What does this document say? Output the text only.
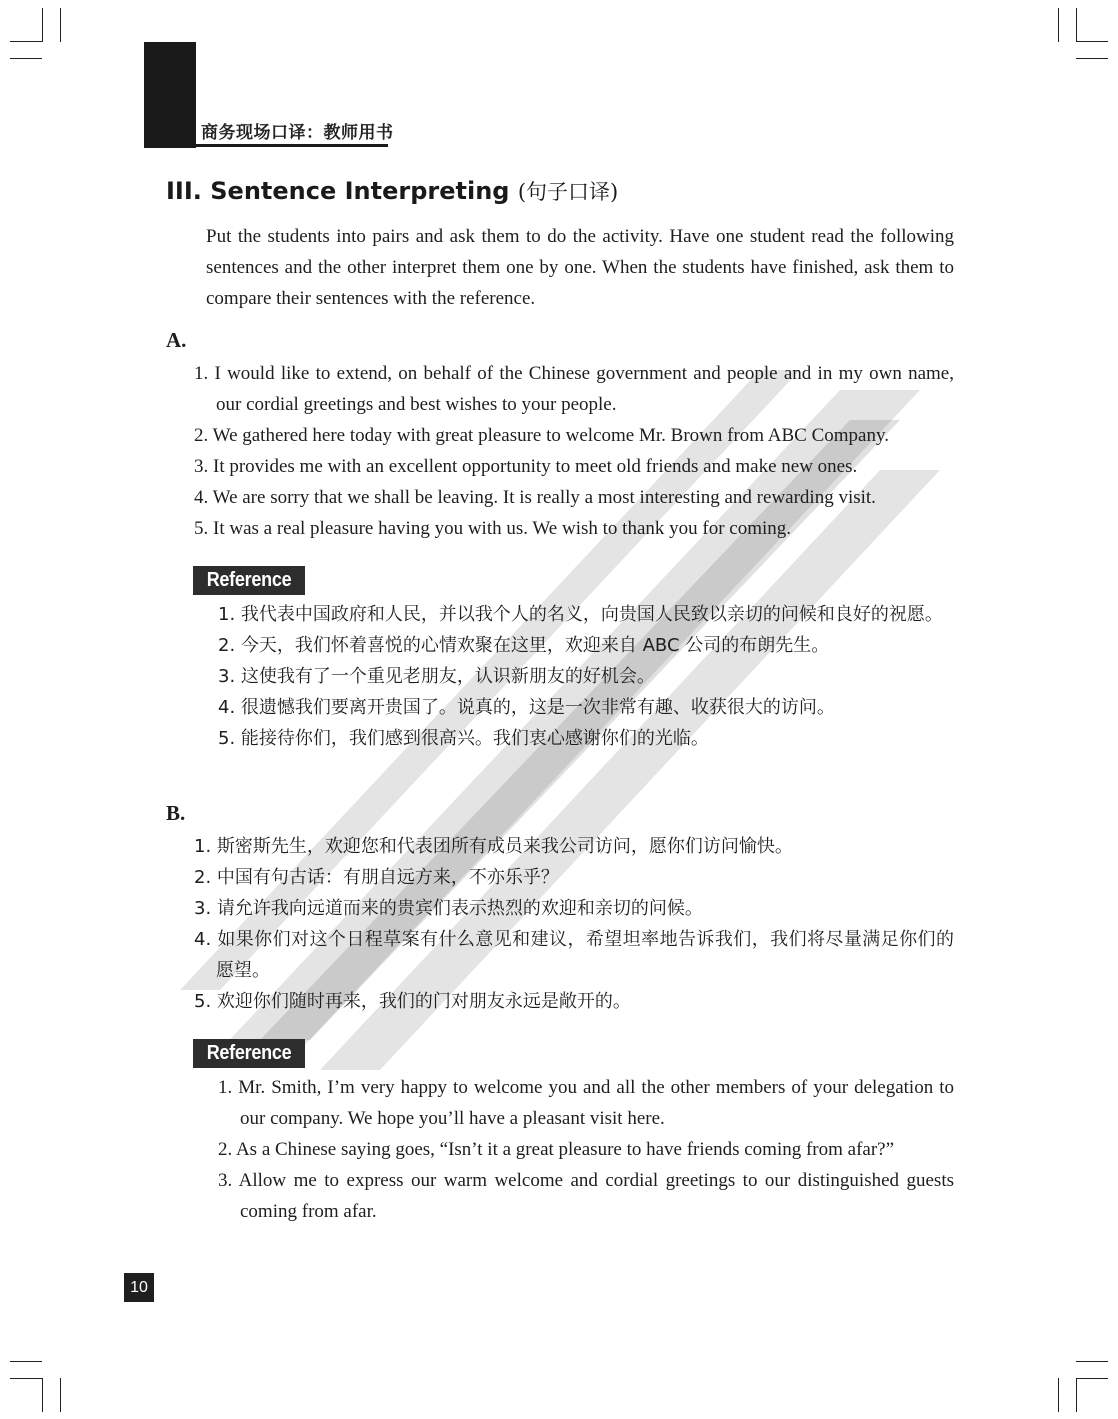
商务现场口译：教师用书
III. Sentence Interpreting (句子口译)

Put the students into pairs and ask them to do the activity. Have one student read the following sentences and the other interpret them one by one. When the students have finished, ask them to compare their sentences with the reference.

A.

1. I would like to extend, on behalf of the Chinese government and people and in my own name, our cordial greetings and best wishes to your people.
2. We gathered here today with great pleasure to welcome Mr. Brown from ABC Company.
3. It provides me with an excellent opportunity to meet old friends and make new ones.
4. We are sorry that we shall be leaving. It is really a most interesting and rewarding visit.
5. It was a real pleasure having you with us. We wish to thank you for coming.
Reference
1. 我代表中国政府和人民，并以我个人的名义，向贵国人民致以亲切的问候和良好的祝愿。
2. 今天，我们怀着喜悦的心情欢聚在这里，欢迎来自 ABC 公司的布朗先生。
3. 这使我有了一个重见老朋友，认识新朋友的好机会。
4. 很遗憾我们要离开贵国了。说真的，这是一次非常有趣、收获很大的访问。
5. 能接待你们，我们感到很高兴。我们衷心感谢你们的光临。

B.

1. 斯密斯先生，欢迎您和代表团所有成员来我公司访问，愿你们访问愉快。
2. 中国有句古话：有朋自远方来，不亦乐乎？
3. 请允许我向远道而来的贵宾们表示热烈的欢迎和亲切的问候。
4. 如果你们对这个日程草案有什么意见和建议，希望坦率地告诉我们，我们将尽量满足你们的愿望。
5. 欢迎你们随时再来，我们的门对朋友永远是敞开的。
Reference
1. Mr. Smith, I’m very happy to welcome you and all the other members of your delegation to our company. We hope you’ll have a pleasant visit here.
2. As a Chinese saying goes, “Isn’t it a great pleasure to have friends coming from afar?”
3. Allow me to express our warm welcome and cordial greetings to our distinguished guests coming from afar.
10
